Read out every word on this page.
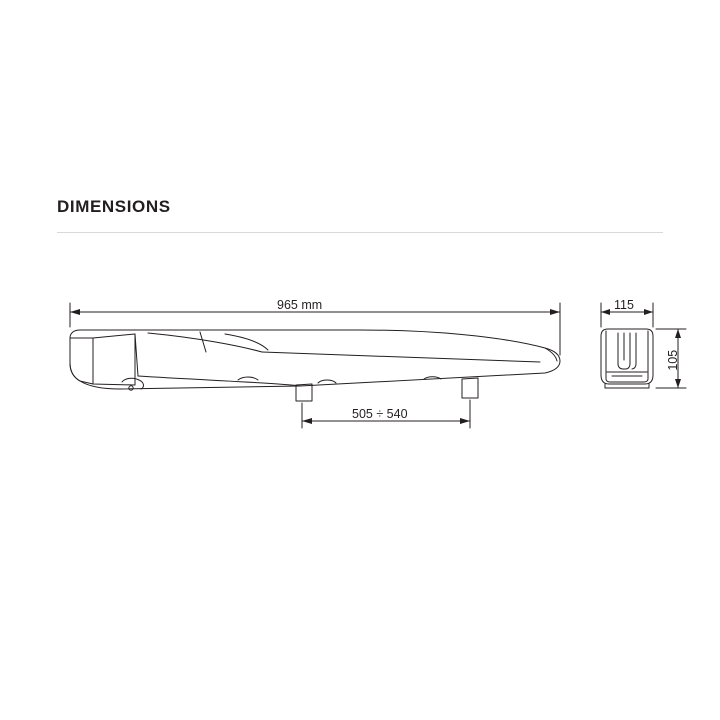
DIMENSIONS
965 mm
505 ÷ 540
115
105
